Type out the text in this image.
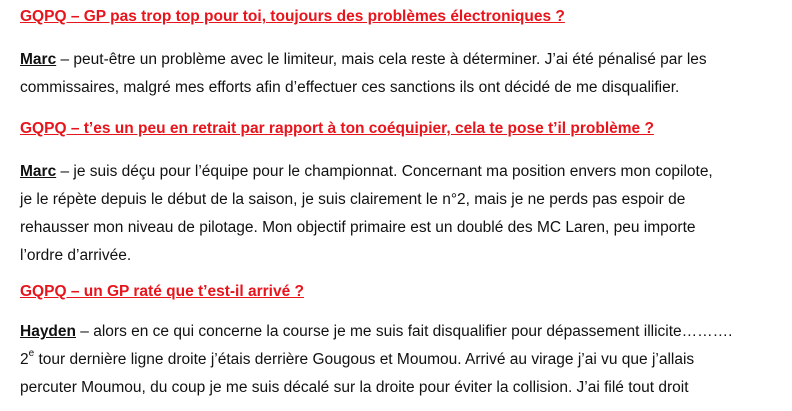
GQPQ – GP pas trop top pour toi, toujours des problèmes électroniques ?

Marc – peut-être un problème avec le limiteur, mais cela reste à déterminer. J’ai été pénalisé par les
commissaires, malgré mes efforts afin d’effectuer ces sanctions ils ont décidé de me disqualifier.

GQPQ – t’es un peu en retrait par rapport à ton coéquipier, cela te pose t’il problème ?

Marc – je suis déçu pour l’équipe pour le championnat. Concernant ma position envers mon copilote,
je le répète depuis le début de la saison, je suis clairement le n°2, mais je ne perds pas espoir de
rehausser mon niveau de pilotage. Mon objectif primaire est un doublé des MC Laren, peu importe
l’ordre d’arrivée.

GQPQ – un GP raté que t’est-il arrivé ?

Hayden – alors en ce qui concerne la course je me suis fait disqualifier pour dépassement illicite……….
2e tour dernière ligne droite j’étais derrière Gougous et Moumou. Arrivé au virage j’ai vu que j’allais
percuter Moumou, du coup je me suis décalé sur la droite pour éviter la collision. J’ai filé tout droit
